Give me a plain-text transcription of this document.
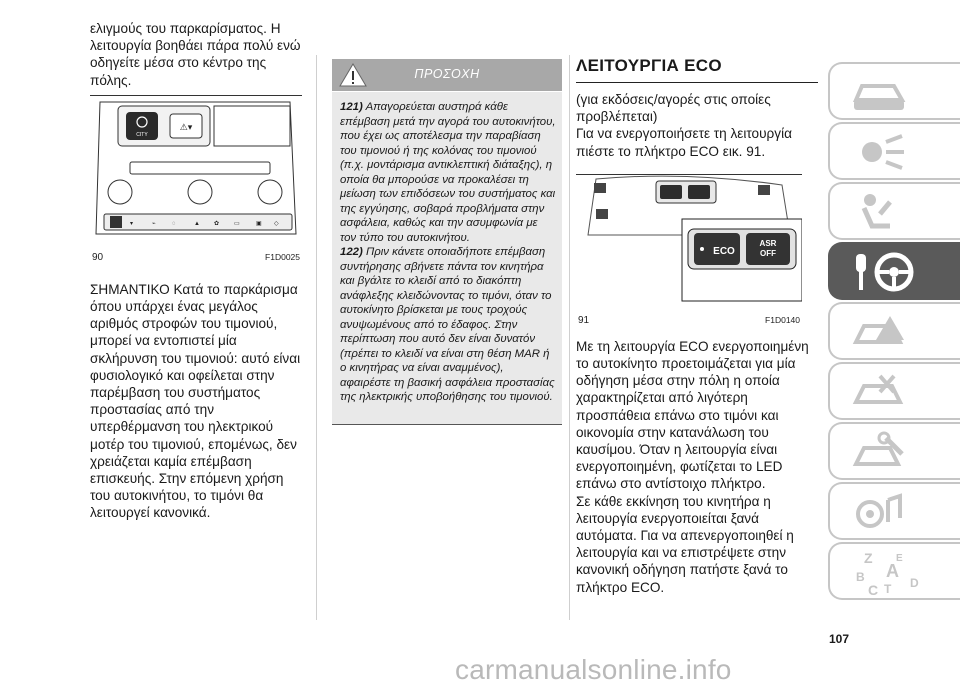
ελιγμούς του παρκαρίσματος. Η λειτουργία βοηθάει πάρα πολύ ενώ οδηγείτε μέσα στο κέντρο της πόλης.

CITY
⚠▾
▾	⌁	◌	▲ ✿ ▭	▣ ◇
90	F1D0025

ΣΗΜΑΝΤΙΚΟ Κατά το παρκάρισμα όπου υπάρχει ένας μεγάλος αριθμός στροφών του τιμονιού, μπορεί να εντοπιστεί μία σκλήρυνση του τιμονιού: αυτό είναι φυσιολογικό και οφείλεται στην παρέμβαση του συστήματος προστασίας από την υπερθέρμανση του ηλεκτρικού μοτέρ του τιμονιού, επομένως, δεν χρειάζεται καμία επέμβαση επισκευής. Στην επόμενη χρήση του αυτοκινήτου, το τιμόνι θα λειτουργεί κανονικά.

ΠΡΟΣΟΧΗ
121) Απαγορεύεται αυστηρά κάθε επέμβαση μετά την αγορά του αυτοκινήτου, που έχει ως αποτέλεσμα την παραβίαση του τιμονιού ή της κολόνας του τιμονιού (π.χ. μοντάρισμα αντικλεπτική διάταξης), η οποία θα μπορούσε να προκαλέσει τη μείωση των επιδόσεων του συστήματος και της εγγύησης, σοβαρά προβλήματα στην ασφάλεια, καθώς και την ασυμφωνία με τον τύπο του αυτοκινήτου.
122) Πριν κάνετε οποιαδήποτε επέμβαση συντήρησης σβήνετε πάντα τον κινητήρα και βγάλτε το κλειδί από το διακόπτη ανάφλεξης κλειδώνοντας το τιμόνι, όταν το αυτοκίνητο βρίσκεται με τους τροχούς ανυψωμένους από το έδαφος. Στην περίπτωση που αυτό δεν είναι δυνατόν (πρέπει το κλειδί να είναι στη θέση MAR ή ο κινητήρας να είναι αναμμένος), αφαιρέστε τη βασική ασφάλεια προστασίας της ηλεκτρικής υποβοήθησης του τιμονιού.
ΛΕΙΤΟΥΡΓΙΑ ECO

(για εκδόσεις/αγορές στις οποίες προβλέπεται)

Για να ενεργοποιήσετε τη λειτουργία πιέστε το πλήκτρο ECO εικ. 91.

ECO
ASR
OFF
91	F1D0140

Με τη λειτουργία ECO ενεργοποιημένη το αυτοκίνητο προετοιμάζεται για μία οδήγηση μέσα στην πόλη η οποία χαρακτηρίζεται από λιγότερη προσπάθεια επάνω στο τιμόνι και οικονομία στην κατανάλωση του καυσίμου. Όταν η λειτουργία είναι ενεργοποιημένη, φωτίζεται το LED επάνω στο αντίστοιχο πλήκτρο.

Σε κάθε εκκίνηση του κινητήρα η λειτουργία ενεργοποιείται ξανά αυτόματα. Για να απενεργοποιηθεί η λειτουργία και να επιστρέψετε στην κανονική οδήγηση πατήστε ξανά το πλήκτρο ECO.

Z E
B A
C T D
107
carmanualsonline.info
